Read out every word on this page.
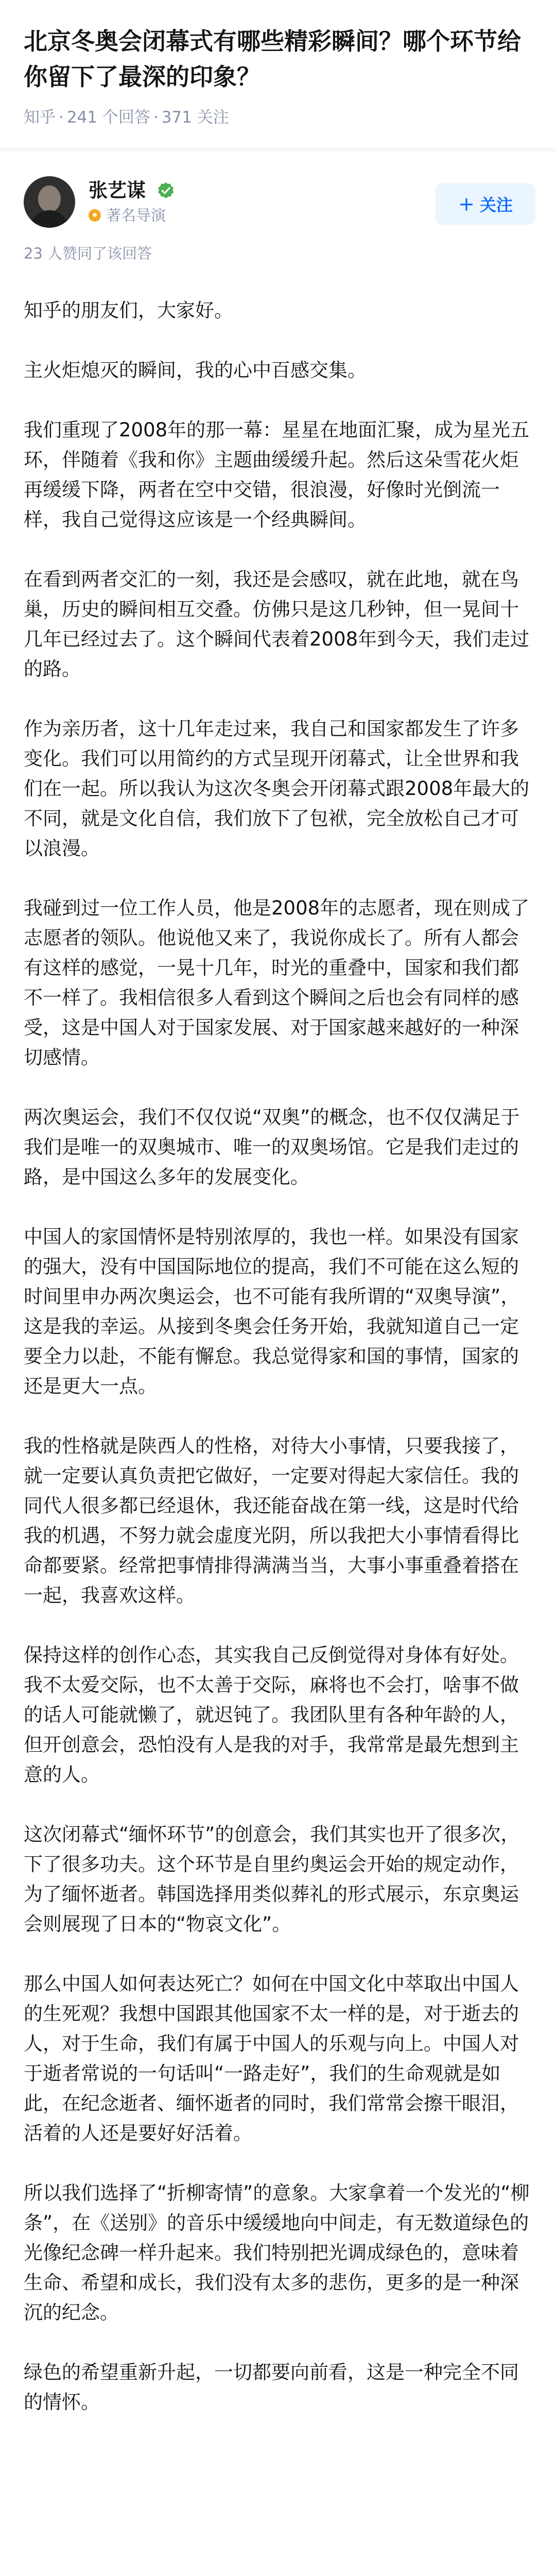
北京冬奥会闭幕式有哪些精彩瞬间？哪个环节给你留下了最深的印象？
知乎 · 241 个回答 · 371 关注
张艺谋
著名导演	+ 关注
23 人赞同了该回答

知乎的朋友们，大家好。

主火炬熄灭的瞬间，我的心中百感交集。

我们重现了2008年的那一幕：星星在地面汇聚，成为星光五环，伴随着《我和你》主题曲缓缓升起。然后这朵雪花火炬再缓缓下降，两者在空中交错，很浪漫，好像时光倒流一样，我自己觉得这应该是一个经典瞬间。

在看到两者交汇的一刻，我还是会感叹，就在此地，就在鸟巢，历史的瞬间相互交叠。仿佛只是这几秒钟，但一晃间十几年已经过去了。这个瞬间代表着2008年到今天，我们走过的路。

作为亲历者，这十几年走过来，我自己和国家都发生了许多变化。我们可以用简约的方式呈现开闭幕式，让全世界和我们在一起。所以我认为这次冬奥会开闭幕式跟2008年最大的不同，就是文化自信，我们放下了包袱，完全放松自己才可以浪漫。

我碰到过一位工作人员，他是2008年的志愿者，现在则成了志愿者的领队。他说他又来了，我说你成长了。所有人都会有这样的感觉，一晃十几年，时光的重叠中，国家和我们都不一样了。我相信很多人看到这个瞬间之后也会有同样的感受，这是中国人对于国家发展、对于国家越来越好的一种深切感情。

两次奥运会，我们不仅仅说“双奥”的概念，也不仅仅满足于我们是唯一的双奥城市、唯一的双奥场馆。它是我们走过的路，是中国这么多年的发展变化。

中国人的家国情怀是特别浓厚的，我也一样。如果没有国家的强大，没有中国国际地位的提高，我们不可能在这么短的时间里申办两次奥运会，也不可能有我所谓的“双奥导演”，这是我的幸运。从接到冬奥会任务开始，我就知道自己一定要全力以赴，不能有懈怠。我总觉得家和国的事情，国家的还是更大一点。

我的性格就是陕西人的性格，对待大小事情，只要我接了，就一定要认真负责把它做好，一定要对得起大家信任。我的同代人很多都已经退休，我还能奋战在第一线，这是时代给我的机遇，不努力就会虚度光阴，所以我把大小事情看得比命都要紧。经常把事情排得满满当当，大事小事重叠着搭在一起，我喜欢这样。

保持这样的创作心态，其实我自己反倒觉得对身体有好处。我不太爱交际，也不太善于交际，麻将也不会打，啥事不做的话人可能就懒了，就迟钝了。我团队里有各种年龄的人，但开创意会，恐怕没有人是我的对手，我常常是最先想到主意的人。

这次闭幕式“缅怀环节”的创意会，我们其实也开了很多次，下了很多功夫。这个环节是自里约奥运会开始的规定动作，为了缅怀逝者。韩国选择用类似葬礼的形式展示，东京奥运会则展现了日本的“物哀文化”。

那么中国人如何表达死亡？如何在中国文化中萃取出中国人的生死观？我想中国跟其他国家不太一样的是，对于逝去的人，对于生命，我们有属于中国人的乐观与向上。中国人对于逝者常说的一句话叫“一路走好”，我们的生命观就是如此，在纪念逝者、缅怀逝者的同时，我们常常会擦干眼泪，活着的人还是要好好活着。

所以我们选择了“折柳寄情”的意象。大家拿着一个发光的“柳条”，在《送别》的音乐中缓缓地向中间走，有无数道绿色的光像纪念碑一样升起来。我们特别把光调成绿色的，意味着生命、希望和成长，我们没有太多的悲伤，更多的是一种深沉的纪念。

绿色的希望重新升起，一切都要向前看，这是一种完全不同的情怀。
